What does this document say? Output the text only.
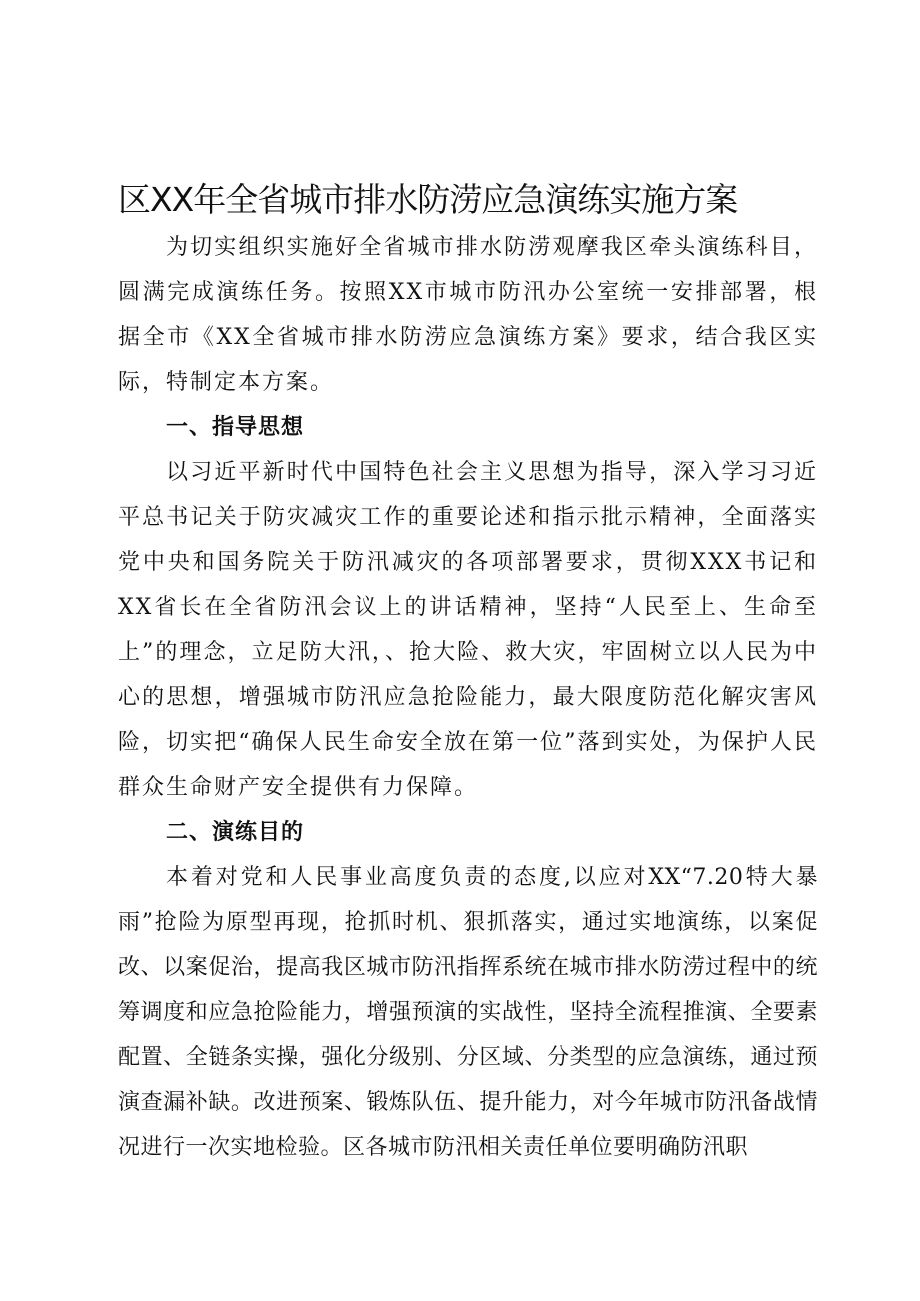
区XX年全省城市排水防涝应急演练实施方案

为切实组织实施好全省城市排水防涝观摩我区牵头演练科目，圆满完成演练任务。按照XX市城市防汛办公室统一安排部署，根据全市《XX全省城市排水防涝应急演练方案》要求，结合我区实际，特制定本方案。

一、指导思想

以习近平新时代中国特色社会主义思想为指导，深入学习习近平总书记关于防灾减灾工作的重要论述和指示批示精神，全面落实党中央和国务院关于防汛减灾的各项部署要求，贯彻XXX书记和XX省长在全省防汛会议上的讲话精神，坚持“人民至上、生命至上”的理念，立足防大汛，、抢大险、救大灾，牢固树立以人民为中心的思想，增强城市防汛应急抢险能力，最大限度防范化解灾害风险，切实把“确保人民生命安全放在第一位”落到实处，为保护人民群众生命财产安全提供有力保障。

二、演练目的

本着对党和人民事业高度负责的态度,以应对XX“7.20特大暴雨”抢险为原型再现，抢抓时机、狠抓落实，通过实地演练，以案促改、以案促治，提高我区城市防汛指挥系统在城市排水防涝过程中的统筹调度和应急抢险能力，增强预演的实战性，坚持全流程推演、全要素配置、全链条实操，强化分级别、分区域、分类型的应急演练，通过预演查漏补缺。改进预案、锻炼队伍、提升能力，对今年城市防汛备战情况进行一次实地检验。区各城市防汛相关责任单位要明确防汛职
